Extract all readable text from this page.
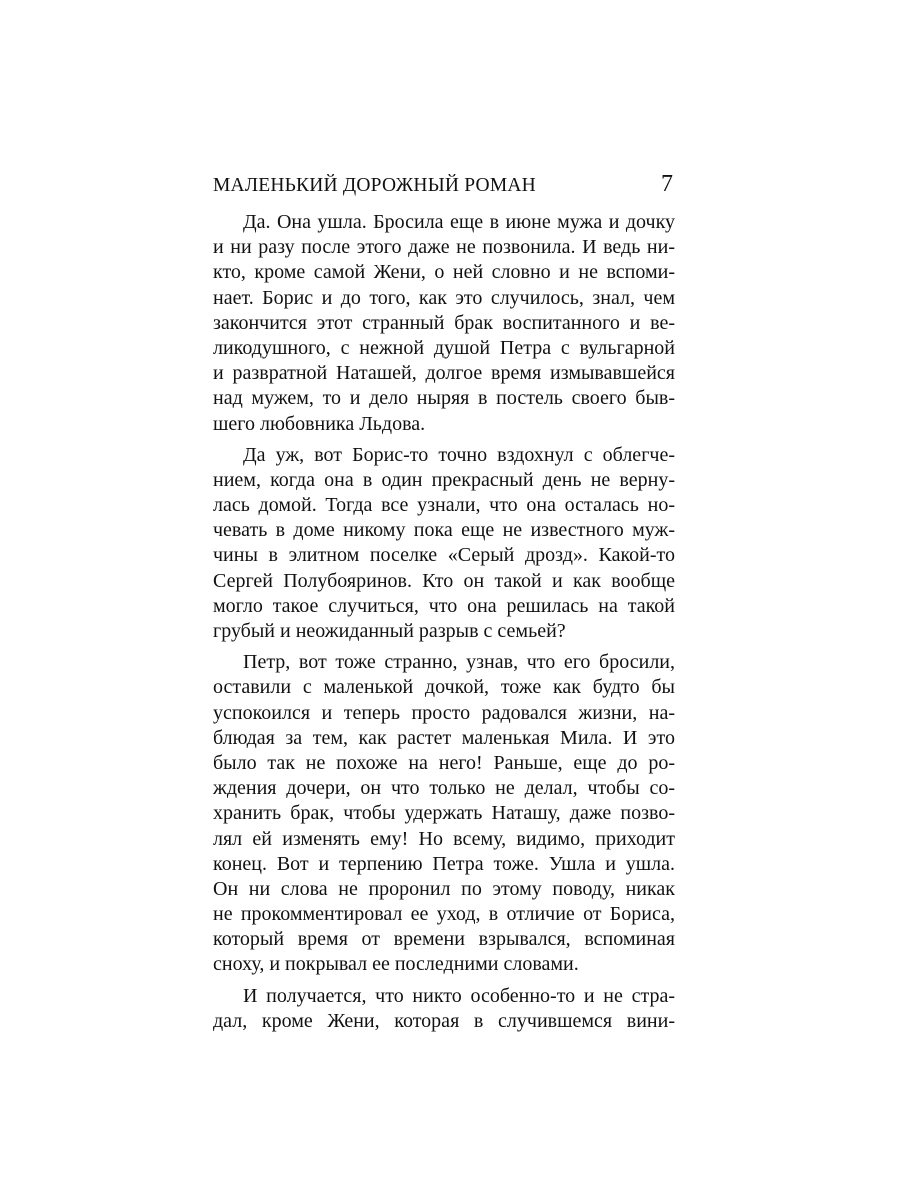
МАЛЕНЬКИЙ ДОРОЖНЫЙ РОМАН	7
Да. Она ушла. Бросила еще в июне мужа и дочку
и ни разу после этого даже не позвонила. И ведь ни-
кто, кроме самой Жени, о ней словно и не вспоми-
нает. Борис и до того, как это случилось, знал, чем
закончится этот странный брак воспитанного и ве-
ликодушного, с нежной душой Петра с вульгарной
и развратной Наташей, долгое время измывавшейся
над мужем, то и дело ныряя в постель своего быв-
шего любовника Льдова.
Да уж, вот Борис-то точно вздохнул с облегче-
нием, когда она в один прекрасный день не верну-
лась домой. Тогда все узнали, что она осталась но-
чевать в доме никому пока еще не известного муж-
чины в элитном поселке «Серый дрозд». Какой-то
Сергей Полубояринов. Кто он такой и как вообще
могло такое случиться, что она решилась на такой
грубый и неожиданный разрыв с семьей?
Петр, вот тоже странно, узнав, что его бросили,
оставили с маленькой дочкой, тоже как будто бы
успокоился и теперь просто радовался жизни, на-
блюдая за тем, как растет маленькая Мила. И это
было так не похоже на него! Раньше, еще до ро-
ждения дочери, он что только не делал, чтобы со-
хранить брак, чтобы удержать Наташу, даже позво-
лял ей изменять ему! Но всему, видимо, приходит
конец. Вот и терпению Петра тоже. Ушла и ушла.
Он ни слова не проронил по этому поводу, никак
не прокомментировал ее уход, в отличие от Бориса,
который время от времени взрывался, вспоминая
сноху, и покрывал ее последними словами.
И получается, что никто особенно-то и не стра-
дал, кроме Жени, которая в случившемся вини-
